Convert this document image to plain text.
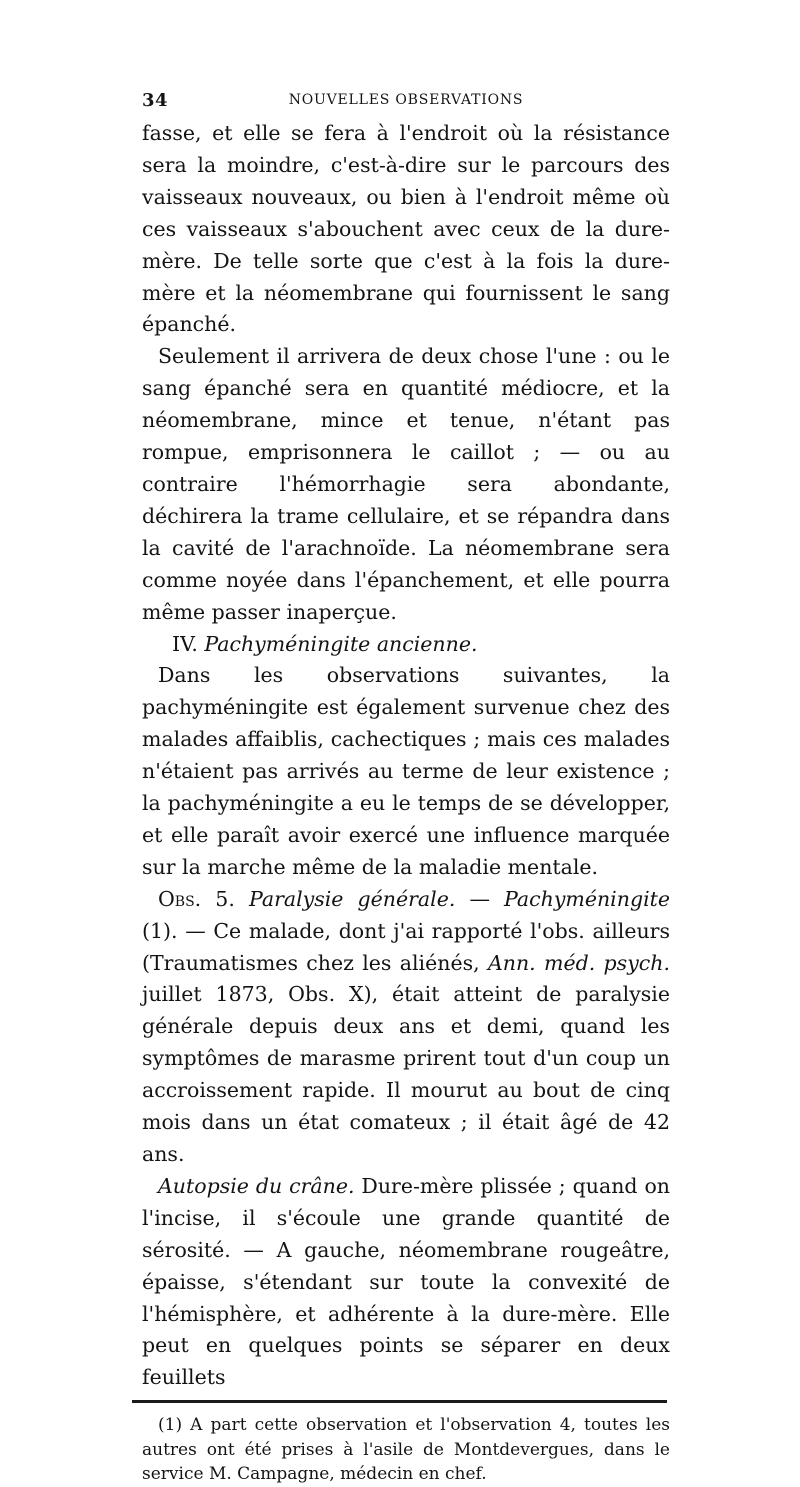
34	NOUVELLES OBSERVATIONS

fasse, et elle se fera à l'endroit où la résistance sera la moindre, c'est-à-dire sur le parcours des vaisseaux nouveaux, ou bien à l'endroit même où ces vaisseaux s'abouchent avec ceux de la dure-mère. De telle sorte que c'est à la fois la dure-mère et la néomembrane qui fournissent le sang épanché.

Seulement il arrivera de deux chose l'une : ou le sang épanché sera en quantité médiocre, et la néomembrane, mince et tenue, n'étant pas rompue, emprisonnera le caillot ; — ou au contraire l'hémorrhagie sera abondante, déchirera la trame cellulaire, et se répandra dans la cavité de l'arachnoïde. La néomembrane sera comme noyée dans l'épanchement, et elle pourra même passer inaperçue.

IV. Pachyméningite ancienne.

Dans les observations suivantes, la pachyméningite est également survenue chez des malades affaiblis, cachectiques ; mais ces malades n'étaient pas arrivés au terme de leur existence ; la pachyméningite a eu le temps de se développer, et elle paraît avoir exercé une influence marquée sur la marche même de la maladie mentale.

Obs. 5. Paralysie générale. — Pachyméningite (1). — Ce malade, dont j'ai rapporté l'obs. ailleurs (Traumatismes chez les aliénés, Ann. méd. psych. juillet 1873, Obs. X), était atteint de paralysie générale depuis deux ans et demi, quand les symptômes de marasme prirent tout d'un coup un accroissement rapide. Il mourut au bout de cinq mois dans un état comateux ; il était âgé de 42 ans.

Autopsie du crâne. Dure-mère plissée ; quand on l'incise, il s'écoule une grande quantité de sérosité. — A gauche, néomembrane rougeâtre, épaisse, s'étendant sur toute la convexité de l'hémisphère, et adhérente à la dure-mère. Elle peut en quelques points se séparer en deux feuillets

(1) A part cette observation et l'observation 4, toutes les autres ont été prises à l'asile de Montdevergues, dans le service M. Campagne, médecin en chef.
